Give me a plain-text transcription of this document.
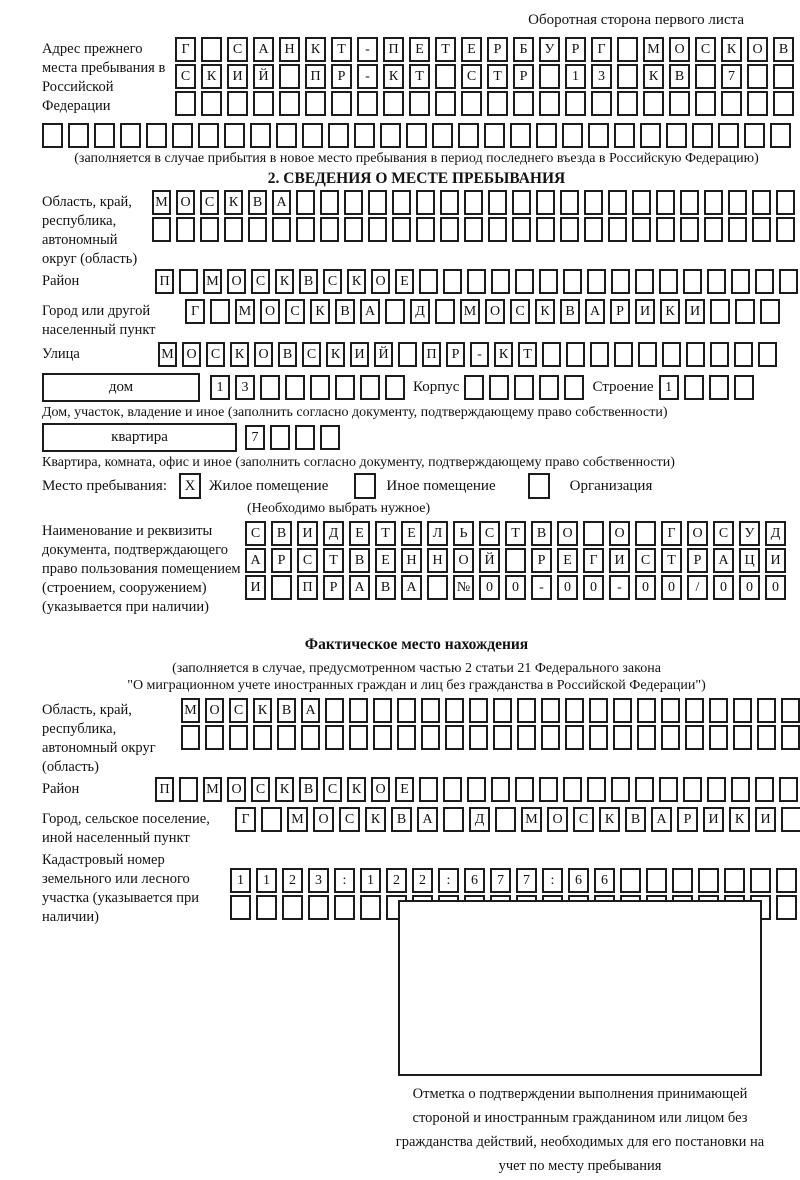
Оборотная сторона первого листа
Адрес прежнего места пребывания в Российской Федерации
Г	С	А	Н	К	Т	-	П	Е	Т	Е	Р	Б	У	Р	Г	М	О	С	К	О	В
С	К	И	Й	П	Р	-	К	Т	С	Т	Р	1	3	К	В	7
(заполняется в случае прибытия в новое место пребывания в период последнего въезда в Российскую Федерацию)
2. СВЕДЕНИЯ О МЕСТЕ ПРЕБЫВАНИЯ
Область, край, республика, автономный округ (область)
М О	С	К	В	А
Район	П	М О	С	К	В	С	К	О	Е
Город или другой населенный пункт
Г	М О	С	К	В	А	Д	М О	С	К	В	А	Р	И	К	И
Улица	М О	С	К	О	В	С	К	И Й	П	Р	-	К	Т
дом	1	3	Корпус	Строение 1
Дом, участок, владение и иное (заполнить согласно документу, подтверждающему право собственности)
квартира	7
Квартира, комната, офис и иное (заполнить согласно документу, подтверждающему право собственности)
Место пребывания:	X Жилое помещение	Иное помещение	Организация
(Необходимо выбрать нужное)
Наименование и реквизиты документа, подтверждающего право пользования помещением (строением, сооружением) (указывается при наличии)
С	В	И	Д	Е	Т	Е	Л	Ь	С	Т	В	О	О	Г	О	С	У	Д
А	Р	С	Т	В	Е	Н	Н	О	Й	Р	Е	Г	И	С	Т	Р	А	Ц	И
И	П	Р	А	В	А	№	0	0	-	0	0	-	0	0	/	0	0	0
Фактическое место нахождения
(заполняется в случае, предусмотренном частью 2 статьи 21 Федерального закона
"О миграционном учете иностранных граждан и лиц без гражданства в Российской Федерации")
Область, край, республика, автономный округ (область)
М О	С	К	В	А
Район	П	М О	С	К	В	С	К	О	Е
Город, сельское поселение, иной населенный пункт
Г	М	О	С	К	В	А	Д	М	О	С	К	В	А	Р	И	К	И
Кадастровый номер земельного или лесного участка (указывается при наличии)
1	1	2	3	:	1	2	2	:	6	7	7	:	6	6
Отметка о подтверждении выполнения принимающей стороной и иностранным гражданином или лицом без гражданства действий, необходимых для его постановки на учет по месту пребывания
